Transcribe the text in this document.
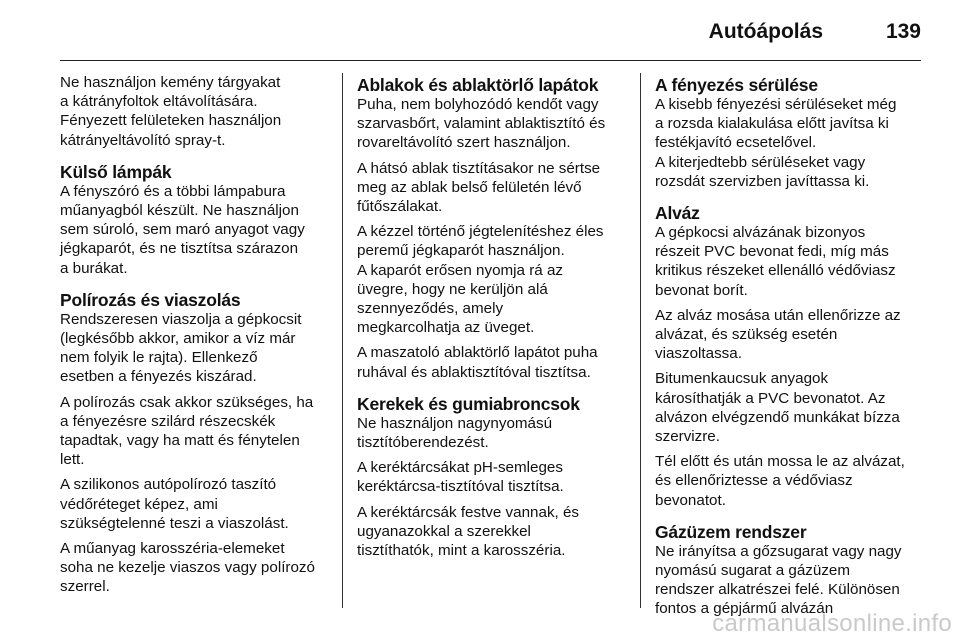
Autóápolás	139

Ne használjon kemény tárgyakat
a kátrányfoltok eltávolítására.
Fényezett felületeken használjon
kátrányeltávolító spray-t.

Külső lámpák

A fényszóró és a többi lámpabura
műanyagból készült. Ne használjon
sem súroló, sem maró anyagot vagy
jégkaparót, és ne tisztítsa szárazon
a burákat.

Polírozás és viaszolás

Rendszeresen viaszolja a gépkocsit
(legkésőbb akkor, amikor a víz már
nem folyik le rajta). Ellenkező
esetben a fényezés kiszárad.

A polírozás csak akkor szükséges, ha
a fényezésre szilárd részecskék
tapadtak, vagy ha matt és fénytelen
lett.

A szilikonos autópolírozó taszító
védőréteget képez, ami
szükségtelenné teszi a viaszolást.

A műanyag karosszéria-elemeket
soha ne kezelje viaszos vagy polírozó
szerrel.

Ablakok és ablaktörlő lapátok

Puha, nem bolyhozódó kendőt vagy
szarvasbőrt, valamint ablaktisztító és
rovareltávolító szert használjon.

A hátsó ablak tisztításakor ne sértse
meg az ablak belső felületén lévő
fűtőszálakat.

A kézzel történő jégtelenítéshez éles
peremű jégkaparót használjon.
A kaparót erősen nyomja rá az
üvegre, hogy ne kerüljön alá
szennyeződés, amely
megkarcolhatja az üveget.

A maszatoló ablaktörlő lapátot puha
ruhával és ablaktisztítóval tisztítsa.

Kerekek és gumiabroncsok

Ne használjon nagynyomású
tisztítóberendezést.

A keréktárcsákat pH-semleges
keréktárcsa-tisztítóval tisztítsa.

A keréktárcsák festve vannak, és
ugyanazokkal a szerekkel
tisztíthatók, mint a karosszéria.

A fényezés sérülése

A kisebb fényezési sérüléseket még
a rozsda kialakulása előtt javítsa ki
festékjavító ecsetelővel.
A kiterjedtebb sérüléseket vagy
rozsdát szervizben javíttassa ki.

Alváz

A gépkocsi alvázának bizonyos
részeit PVC bevonat fedi, míg más
kritikus részeket ellenálló védőviasz
bevonat borít.

Az alváz mosása után ellenőrizze az
alvázat, és szükség esetén
viaszoltassa.

Bitumenkaucsuk anyagok
károsíthatják a PVC bevonatot. Az
alvázon elvégzendő munkákat bízza
szervizre.

Tél előtt és után mossa le az alvázat,
és ellenőriztesse a védőviasz
bevonatot.

Gázüzem rendszer

Ne irányítsa a gőzsugarat vagy nagy
nyomású sugarat a gázüzem
rendszer alkatrészei felé. Különösen
fontos a gépjármű alvázán

carmanualsonline.info
